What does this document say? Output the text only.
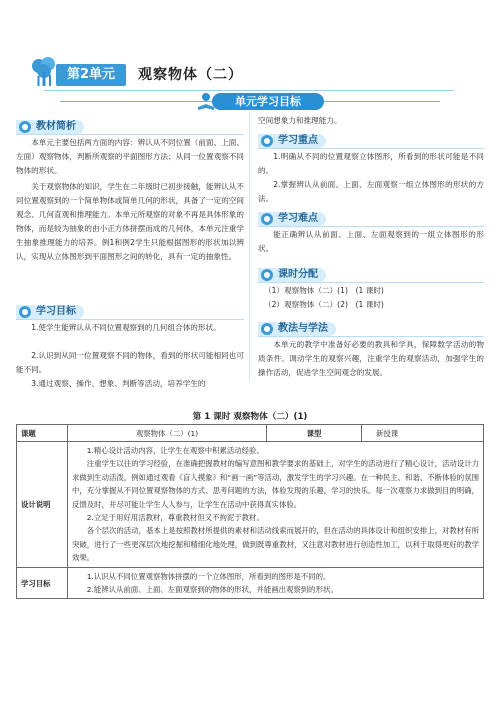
第2单元	观察物体（二）
单元学习目标
教材简析

本单元主要包括两方面的内容：辨认从不同位置（前面、上面、左面）观察物体，判断所观察的平面图形方法；从同一位置观察不同物体的形状。

关于观察物体的知识，学生在二年级时已初步接触，能辨认从不同位置观察到的一个简单物体或简单几何的形状，具备了一定的空间观念、几何直观和推理能力。本单元所观察的对象不再是具体形象的物体，而是较为抽象的由小正方体拼摆而成的几何体，本单元注重学生抽象推理能力的培养。例1和例2学生只能根据图形的形状加以辨认，实现从立体图形到平面图形之间的转化，具有一定的抽象性。

学习目标

1.使学生能辨认从不同位置观察到的几何组合体的形状。

2.认识到从同一位置观察不同的物体，看到的形状可能相同也可能不同。

3.通过观察、操作、想象、判断等活动，培养学生的

空间想象力和推理能力。

学习重点

1.明确从不同的位置观察立体图形，所看到的形状可能是不同的。

2.掌握辨认从前面、上面、左面观察一组立体图形的形状的方法。

学习难点

能正确辨认从前面、上面、左面观察到的一组立体图形的形状。

课时分配

（1）观察物体（二）(1)　(1 课时)

（2）观察物体（二）(2)　(1 课时)

教法与学法

本单元的教学中准备好必要的教具和学具，保障数学活动的物质条件。调动学生的观察兴趣，注重学生的观察活动，加强学生的操作活动，促进学生空间观念的发展。

第 1 课时 观察物体（二）(1)
课题	观察物体（二）(1)	课型	新授课
设计说明	1.精心设计活动内容，让学生在观察中积累活动经验。

注重学生以往的学习经验，在准确把握教材的编写意图和教学要求的基础上，对学生的活动进行了精心设计，活动设计力求做到生动活泼，例如通过观看《盲人摸象》和“画一画”等活动，激发学生的学习兴趣。在一种民主、和谐、不断体验的氛围中，充分掌握从不同位置观察物体的方式、思考问题的方法，体验发现的乐趣，学习的快乐。每一次观察力求做到目的明确，反馈及时，并尽可能让学生人人参与，让学生在活动中获得真实体验。

2.立足于用好用活教材，尊重教材但又不拘泥于教材。

各个层次的活动，基本上是按照教材所提供的素材和活动线索而展开的，但在活动的具体设计和组织安排上，对教材有所突破，进行了一些更深层次地挖掘和精细化地处理，做到既尊重教材，又注意对教材进行创造性加工，以利于取得更好的教学效果。		

学习目标	1.认识从不同位置观察物体拼摆的一个立体图形，所看到的图形是不同的。

2.能辨认从前面、上面、左面观察到的物体的形状，并能画出观察到的形状。		
